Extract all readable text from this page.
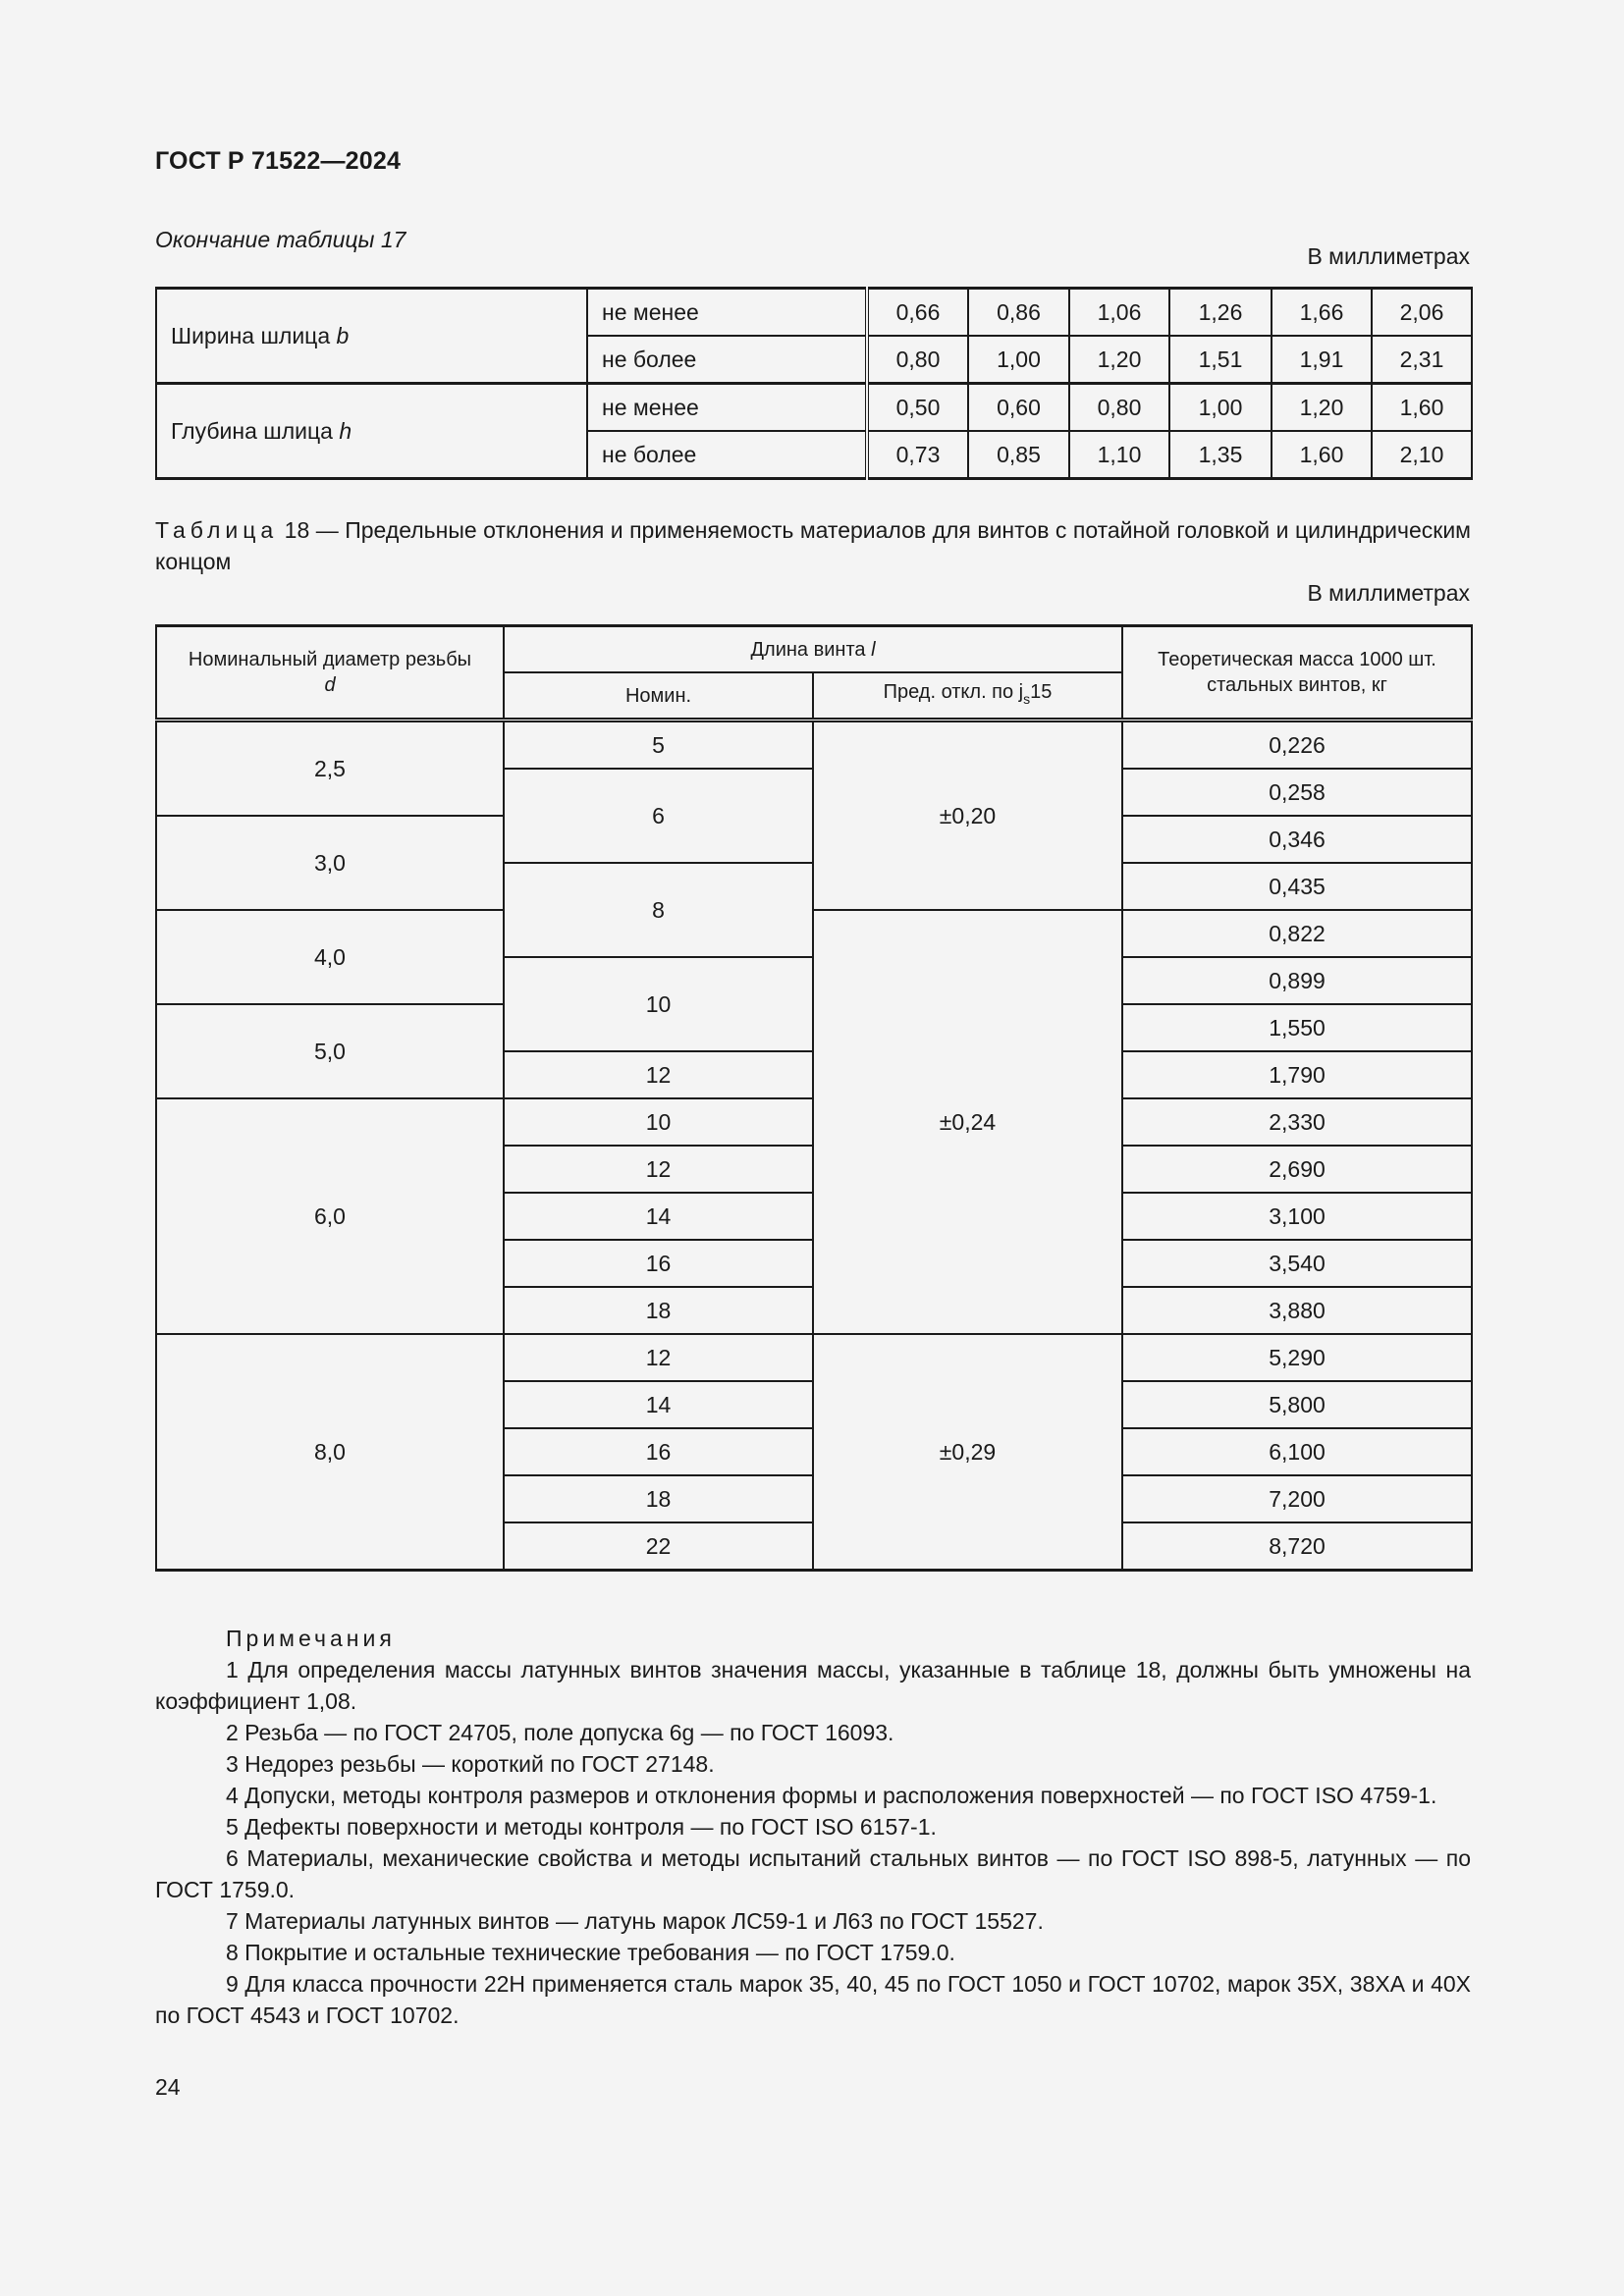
ГОСТ Р 71522—2024
Окончание таблицы 17
В миллиметрах
Ширина шлица b	не менее	0,66	0,86	1,06	1,26	1,66	2,06
	не более	0,80	1,00	1,20	1,51	1,91	2,31
Глубина шлица h	не менее	0,50	0,60	0,80	1,00	1,20	1,60
	не более	0,73	0,85	1,10	1,35	1,60	2,10
Таблица 18 — Предельные отклонения и применяемость материалов для винтов с потайной головкой и цилиндрическим концом
В миллиметрах
Номинальный диаметр резьбы
d	Длина винта l		Теоретическая масса 1000 шт. стальных винтов, кг
	Номин.	Пред. откл. по $j_s15$	
2,5	5	±0,20	0,226
	6		0,258
3,0			0,346
	8		0,435
4,0		±0,24	0,822
	10		0,899
5,0			1,550
	12		1,790
6,0	10		2,330
	12		2,690
	14		3,100
	16		3,540
	18		3,880
8,0	12	±0,29	5,290
	14		5,800
	16		6,100
	18		7,200
	22		8,720

Примечания

1 Для определения массы латунных винтов значения массы, указанные в таблице 18, должны быть умножены на коэффициент 1,08.

2 Резьба — по ГОСТ 24705, поле допуска 6g — по ГОСТ 16093.

3 Недорез резьбы — короткий по ГОСТ 27148.

4 Допуски, методы контроля размеров и отклонения формы и расположения поверхностей — по ГОСТ ISO 4759-1.

5 Дефекты поверхности и методы контроля — по ГОСТ ISO 6157-1.

6 Материалы, механические свойства и методы испытаний стальных винтов — по ГОСТ ISO 898-5, латунных — по ГОСТ 1759.0.

7 Материалы латунных винтов — латунь марок ЛС59-1 и Л63 по ГОСТ 15527.

8 Покрытие и остальные технические требования — по ГОСТ 1759.0.

9 Для класса прочности 22H применяется сталь марок 35, 40, 45 по ГОСТ 1050 и ГОСТ 10702, марок 35Х, 38ХА и 40Х по ГОСТ 4543 и ГОСТ 10702.

24
